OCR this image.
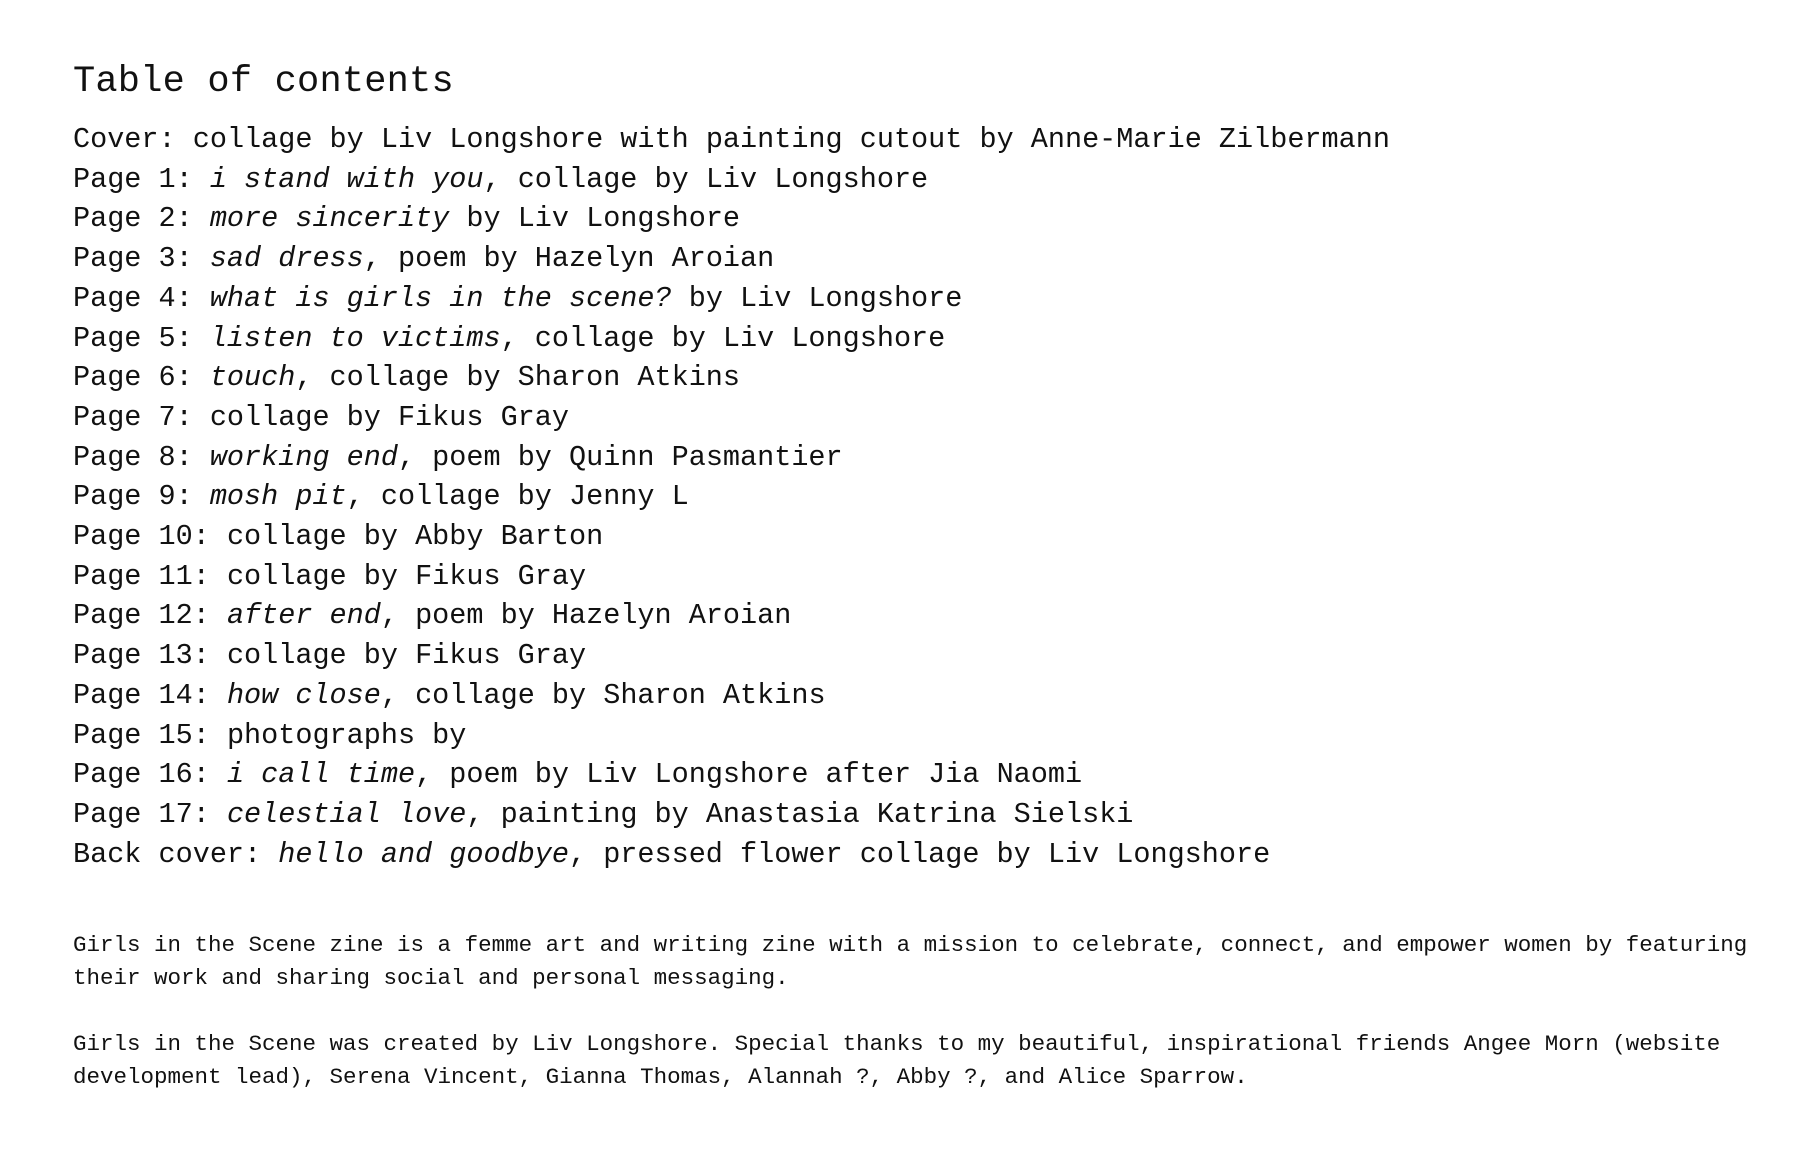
Table of contents
Cover: collage by Liv Longshore with painting cutout by Anne-Marie Zilbermann
Page 1: i stand with you, collage by Liv Longshore
Page 2: more sincerity by Liv Longshore
Page 3: sad dress, poem by Hazelyn Aroian
Page 4: what is girls in the scene? by Liv Longshore
Page 5: listen to victims, collage by Liv Longshore
Page 6: touch, collage by Sharon Atkins
Page 7: collage by Fikus Gray
Page 8: working end, poem by Quinn Pasmantier
Page 9: mosh pit, collage by Jenny L
Page 10: collage by Abby Barton
Page 11: collage by Fikus Gray
Page 12: after end, poem by Hazelyn Aroian
Page 13: collage by Fikus Gray
Page 14: how close, collage by Sharon Atkins
Page 15: photographs by
Page 16: i call time, poem by Liv Longshore after Jia Naomi
Page 17: celestial love, painting by Anastasia Katrina Sielski
Back cover: hello and goodbye, pressed flower collage by Liv Longshore

Girls in the Scene zine is a femme art and writing zine with a mission to celebrate, connect, and empower women by featuring their work and sharing social and personal messaging.

Girls in the Scene was created by Liv Longshore. Special thanks to my beautiful, inspirational friends Angee Morn (website development lead), Serena Vincent, Gianna Thomas, Alannah ?, Abby ?, and Alice Sparrow.
